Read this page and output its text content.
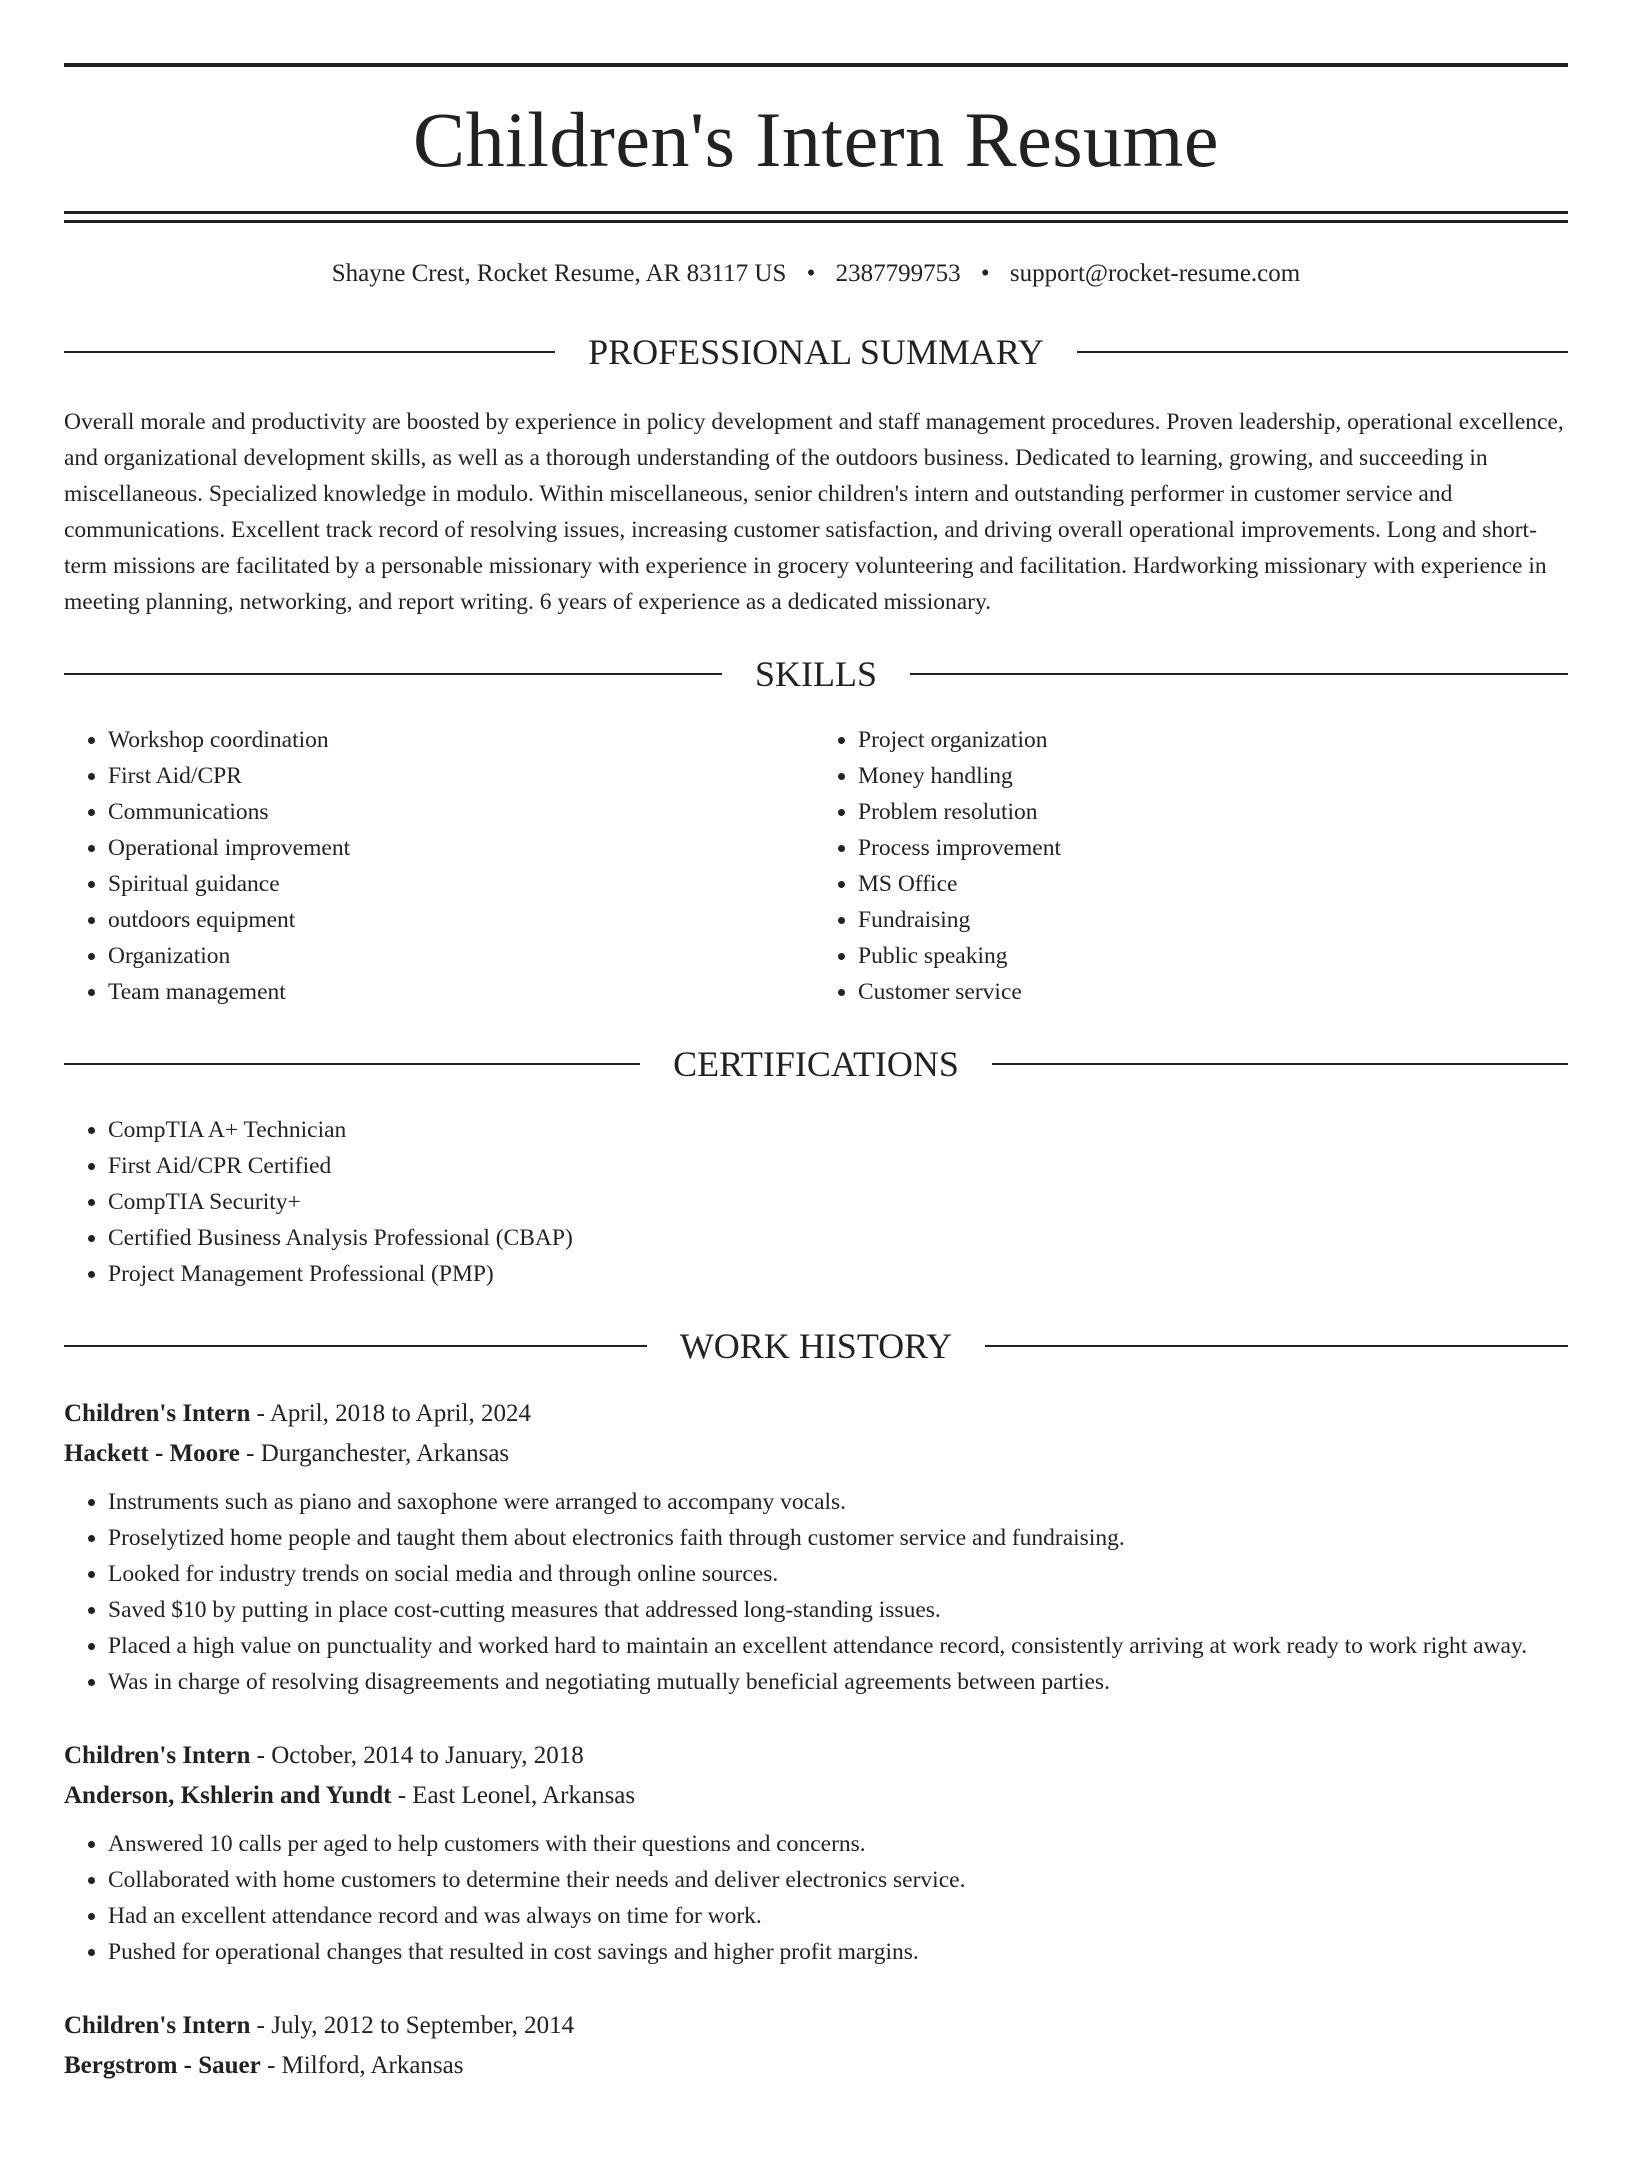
Children's Intern Resume
Shayne Crest, Rocket Resume, AR 83117 US • 2387799753 • support@rocket-resume.com
PROFESSIONAL SUMMARY

Overall morale and productivity are boosted by experience in policy development and staff management procedures. Proven leadership, operational excellence, and organizational development skills, as well as a thorough understanding of the outdoors business. Dedicated to learning, growing, and succeeding in miscellaneous. Specialized knowledge in modulo. Within miscellaneous, senior children's intern and outstanding performer in customer service and communications. Excellent track record of resolving issues, increasing customer satisfaction, and driving overall operational improvements. Long and short-term missions are facilitated by a personable missionary with experience in grocery volunteering and facilitation. Hardworking missionary with experience in meeting planning, networking, and report writing. 6 years of experience as a dedicated missionary.

SKILLS
• Workshop coordination
• First Aid/CPR
• Communications
• Operational improvement
• Spiritual guidance
• outdoors equipment
• Organization
• Team management
• Project organization
• Money handling
• Problem resolution
• Process improvement
• MS Office
• Fundraising
• Public speaking
• Customer service
CERTIFICATIONS
• CompTIA A+ Technician
• First Aid/CPR Certified
• CompTIA Security+
• Certified Business Analysis Professional (CBAP)
• Project Management Professional (PMP)
WORK HISTORY
Children's Intern - April, 2018 to April, 2024
Hackett - Moore - Durganchester, Arkansas
• Instruments such as piano and saxophone were arranged to accompany vocals.
• Proselytized home people and taught them about electronics faith through customer service and fundraising.
• Looked for industry trends on social media and through online sources.
• Saved $10 by putting in place cost-cutting measures that addressed long-standing issues.
• Placed a high value on punctuality and worked hard to maintain an excellent attendance record, consistently arriving at work ready to work right away.
• Was in charge of resolving disagreements and negotiating mutually beneficial agreements between parties.
Children's Intern - October, 2014 to January, 2018
Anderson, Kshlerin and Yundt - East Leonel, Arkansas
• Answered 10 calls per aged to help customers with their questions and concerns.
• Collaborated with home customers to determine their needs and deliver electronics service.
• Had an excellent attendance record and was always on time for work.
• Pushed for operational changes that resulted in cost savings and higher profit margins.
Children's Intern - July, 2012 to September, 2014
Bergstrom - Sauer - Milford, Arkansas
